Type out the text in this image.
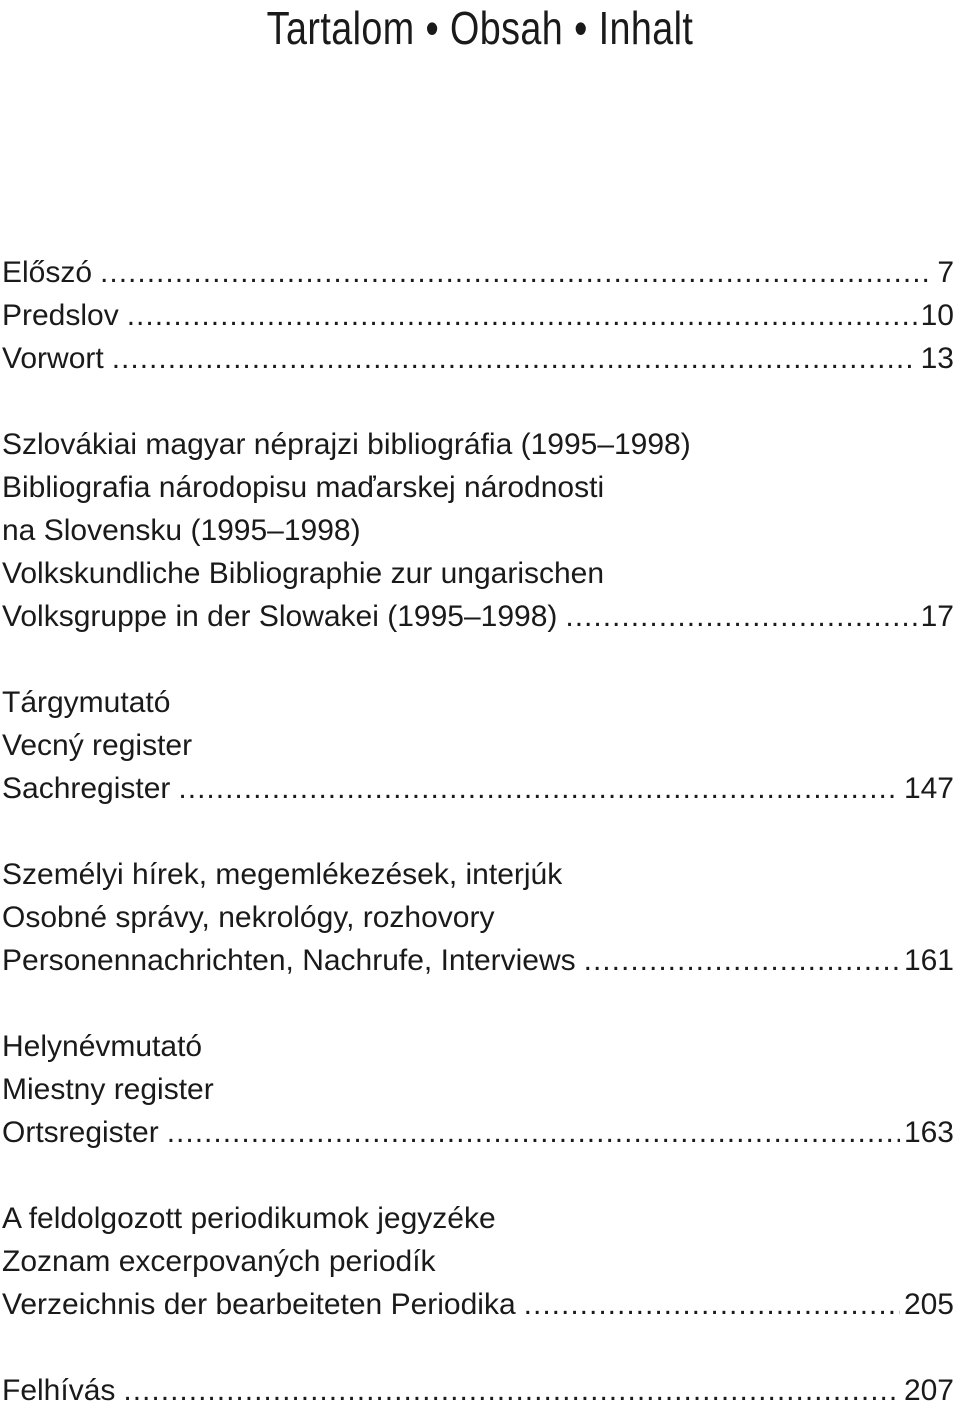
Tartalom • Obsah • Inhalt
Előszó .....	7
Predslov .....	10
Vorwort .....	13
Szlovákiai magyar néprajzi bibliográfia (1995–1998)
Bibliografia národopisu maďarskej národnosti
na Slovensku (1995–1998)
Volkskundliche Bibliographie zur ungarischen
Volksgruppe in der Slowakei (1995–1998) .....	17
Tárgymutató
Vecný register
Sachregister .....	147
Személyi hírek, megemlékezések, interjúk
Osobné správy, nekrológy, rozhovory
Personennachrichten, Nachrufe, Interviews .....	161
Helynévmutató
Miestny register
Ortsregister .....	163
A feldolgozott periodikumok jegyzéke
Zoznam excerpovaných periodík
Verzeichnis der bearbeiteten Periodika .....	205
Felhívás .....	207
